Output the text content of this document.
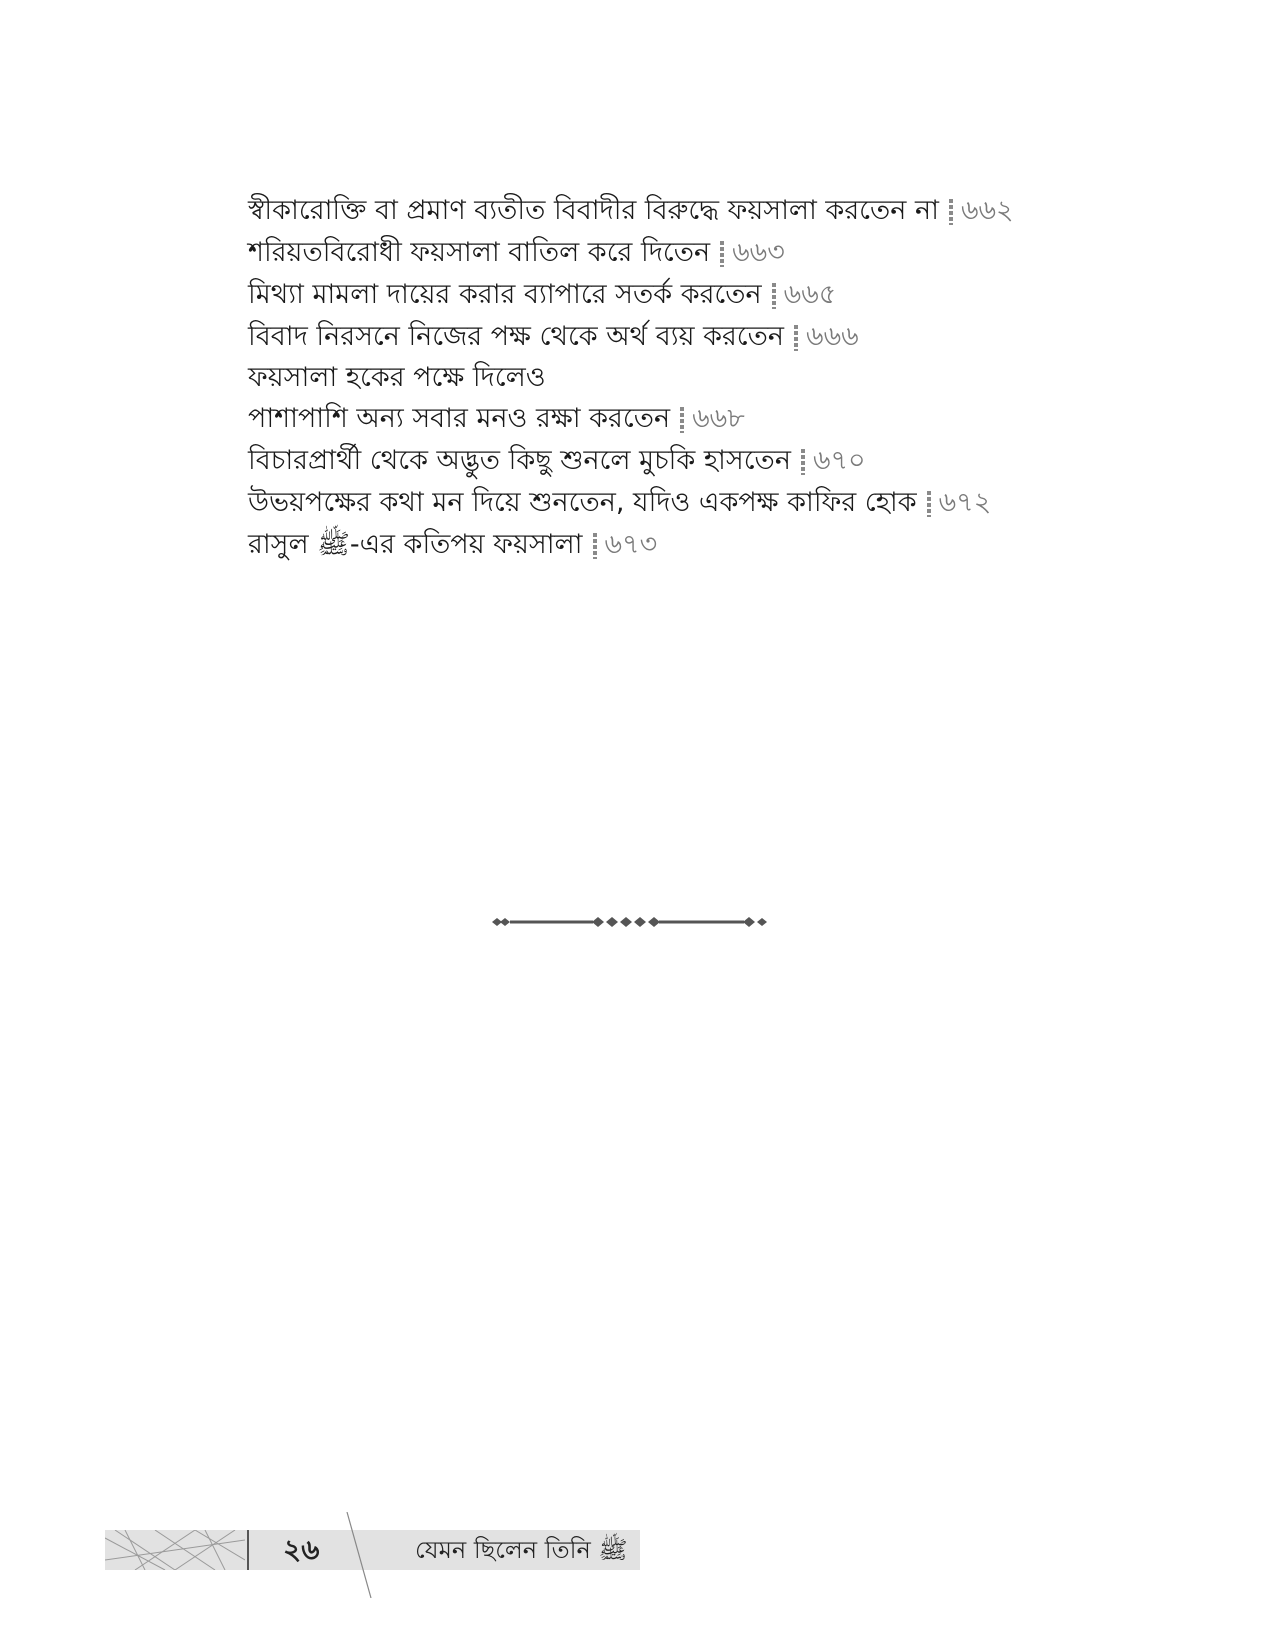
স্বীকারোক্তি বা প্রমাণ ব্যতীত বিবাদীর বিরুদ্ধে ফয়সালা করতেন না ৬৬২
শরিয়তবিরোধী ফয়সালা বাতিল করে দিতেন ৬৬৩
মিথ্যা মামলা দায়ের করার ব্যাপারে সতর্ক করতেন ৬৬৫
বিবাদ নিরসনে নিজের পক্ষ থেকে অর্থ ব্যয় করতেন ৬৬৬
ফয়সালা হকের পক্ষে দিলেও
পাশাপাশি অন্য সবার মনও রক্ষা করতেন ৬৬৮
বিচারপ্রার্থী থেকে অদ্ভুত কিছু শুনলে মুচকি হাসতেন ৬৭০
উভয়পক্ষের কথা মন দিয়ে শুনতেন, যদিও একপক্ষ কাফির হোক ৬৭২
রাসুল ﷺ-এর কতিপয় ফয়সালা ৬৭৩
২৬	যেমন ছিলেন তিনি ﷺ
